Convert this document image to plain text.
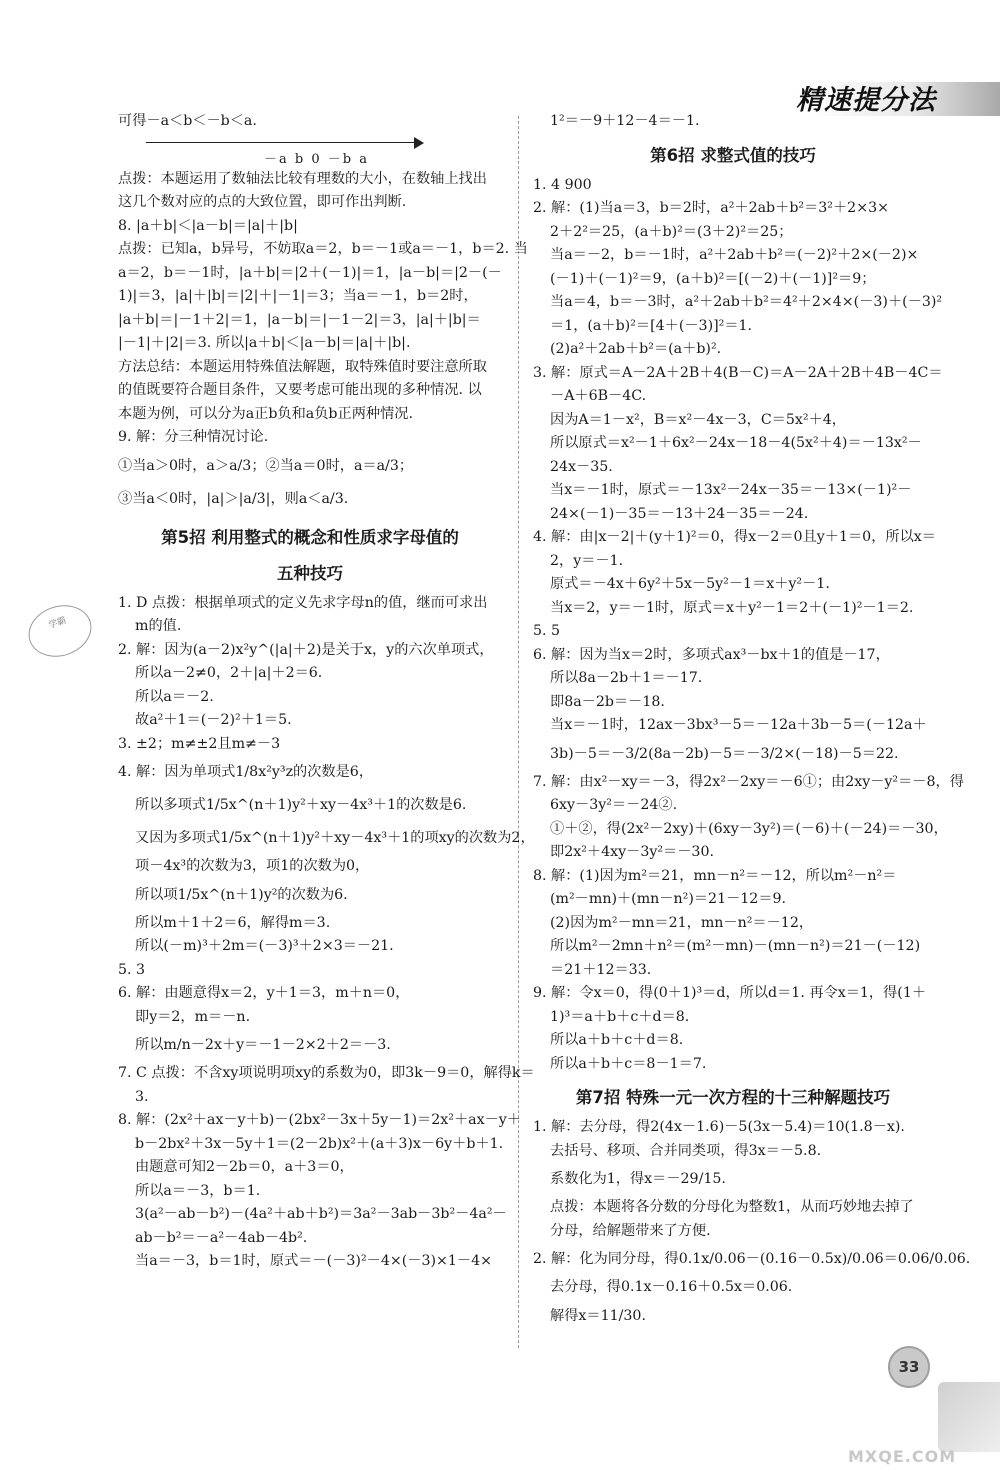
精速提分法
可得－a＜b＜－b＜a.
－a b 0 －b a
点拨：本题运用了数轴法比较有理数的大小，在数轴上找出
这几个数对应的点的大致位置，即可作出判断.
8. |a＋b|＜|a－b|＝|a|＋|b|
点拨：已知a，b异号，不妨取a＝2，b＝－1或a＝－1，b＝2. 当
a＝2，b＝－1时，|a＋b|＝|2＋(－1)|＝1，|a－b|＝|2－(－
1)|＝3，|a|＋|b|＝|2|＋|－1|＝3；当a＝－1，b＝2时，
|a＋b|＝|－1＋2|＝1，|a－b|＝|－1－2|＝3，|a|＋|b|＝
|－1|＋|2|＝3. 所以|a＋b|＜|a－b|＝|a|＋|b|.
方法总结：本题运用特殊值法解题，取特殊值时要注意所取
的值既要符合题目条件，又要考虑可能出现的多种情况. 以
本题为例，可以分为a正b负和a负b正两种情况.
9. 解：分三种情况讨论.
①当a＞0时，a＞a/3；②当a＝0时，a＝a/3；
③当a＜0时，|a|＞|a/3|，则a＜a/3.
第5招 利用整式的概念和性质求字母值的
五种技巧
1. D 点拨：根据单项式的定义先求字母n的值，继而可求出
m的值.
2. 解：因为(a－2)x²y^(|a|＋2)是关于x，y的六次单项式，
所以a－2≠0，2＋|a|＋2＝6.
所以a＝－2.
故a²＋1＝(－2)²＋1＝5.
3. ±2；m≠±2且m≠－3
4. 解：因为单项式1/8x²y³z的次数是6，
所以多项式1/5x^(n＋1)y²＋xy－4x³＋1的次数是6.
又因为多项式1/5x^(n＋1)y²＋xy－4x³＋1的项xy的次数为2，
项－4x³的次数为3，项1的次数为0，
所以项1/5x^(n＋1)y²的次数为6.
所以m＋1＋2＝6，解得m＝3.
所以(－m)³＋2m＝(－3)³＋2×3＝－21.
5. 3
6. 解：由题意得x＝2，y＋1＝3，m＋n＝0，
即y＝2，m＝－n.
所以m/n－2x＋y＝－1－2×2＋2＝－3.
7. C 点拨：不含xy项说明项xy的系数为0，即3k－9＝0，解得k＝
3.
8. 解：(2x²＋ax－y＋b)－(2bx²－3x＋5y－1)＝2x²＋ax－y＋
b－2bx²＋3x－5y＋1＝(2－2b)x²＋(a＋3)x－6y＋b＋1.
由题意可知2－2b＝0，a＋3＝0，
所以a＝－3，b＝1.
3(a²－ab－b²)－(4a²＋ab＋b²)＝3a²－3ab－3b²－4a²－
ab－b²＝－a²－4ab－4b².
当a＝－3，b＝1时，原式＝－(－3)²－4×(－3)×1－4×
1²＝－9＋12－4＝－1.
第6招 求整式值的技巧
1. 4 900
2. 解：(1)当a＝3，b＝2时，a²＋2ab＋b²＝3²＋2×3×
2＋2²＝25，(a＋b)²＝(3＋2)²＝25；
当a＝－2，b＝－1时，a²＋2ab＋b²＝(－2)²＋2×(－2)×
(－1)＋(－1)²＝9，(a＋b)²＝[(－2)＋(－1)]²＝9；
当a＝4，b＝－3时，a²＋2ab＋b²＝4²＋2×4×(－3)＋(－3)²
＝1，(a＋b)²＝[4＋(－3)]²＝1.
(2)a²＋2ab＋b²＝(a＋b)².
3. 解：原式＝A－2A＋2B＋4(B－C)＝A－2A＋2B＋4B－4C＝
－A＋6B－4C.
因为A＝1－x²，B＝x²－4x－3，C＝5x²＋4，
所以原式＝x²－1＋6x²－24x－18－4(5x²＋4)＝－13x²－
24x－35.
当x＝－1时，原式＝－13x²－24x－35＝－13×(－1)²－
24×(－1)－35＝－13＋24－35＝－24.
4. 解：由|x－2|＋(y＋1)²＝0，得x－2＝0且y＋1＝0，所以x＝
2，y＝－1.
原式＝－4x＋6y²＋5x－5y²－1＝x＋y²－1.
当x＝2，y＝－1时，原式＝x＋y²－1＝2＋(－1)²－1＝2.
5. 5
6. 解：因为当x＝2时，多项式ax³－bx＋1的值是－17，
所以8a－2b＋1＝－17.
即8a－2b＝－18.
当x＝－1时，12ax－3bx³－5＝－12a＋3b－5＝(－12a＋
3b)－5＝－3/2(8a－2b)－5＝－3/2×(－18)－5＝22.
7. 解：由x²－xy＝－3，得2x²－2xy＝－6①；由2xy－y²＝－8，得
6xy－3y²＝－24②.
①＋②，得(2x²－2xy)＋(6xy－3y²)＝(－6)＋(－24)＝－30，
即2x²＋4xy－3y²＝－30.
8. 解：(1)因为m²＝21，mn－n²＝－12，所以m²－n²＝
(m²－mn)＋(mn－n²)＝21－12＝9.
(2)因为m²－mn＝21，mn－n²＝－12，
所以m²－2mn＋n²＝(m²－mn)－(mn－n²)＝21－(－12)
＝21＋12＝33.
9. 解：令x＝0，得(0＋1)³＝d，所以d＝1. 再令x＝1，得(1＋
1)³＝a＋b＋c＋d＝8.
所以a＋b＋c＋d＝8.
所以a＋b＋c＝8－1＝7.
第7招 特殊一元一次方程的十三种解题技巧
1. 解：去分母，得2(4x－1.6)－5(3x－5.4)＝10(1.8－x).
去括号、移项、合并同类项，得3x＝－5.8.
系数化为1，得x＝－29/15.
点拨：本题将各分数的分母化为整数1，从而巧妙地去掉了
分母，给解题带来了方便.
2. 解：化为同分母，得0.1x/0.06－(0.16－0.5x)/0.06＝0.06/0.06.
去分母，得0.1x－0.16＋0.5x＝0.06.
解得x＝11/30.
学霸
33
MXQE.COM
